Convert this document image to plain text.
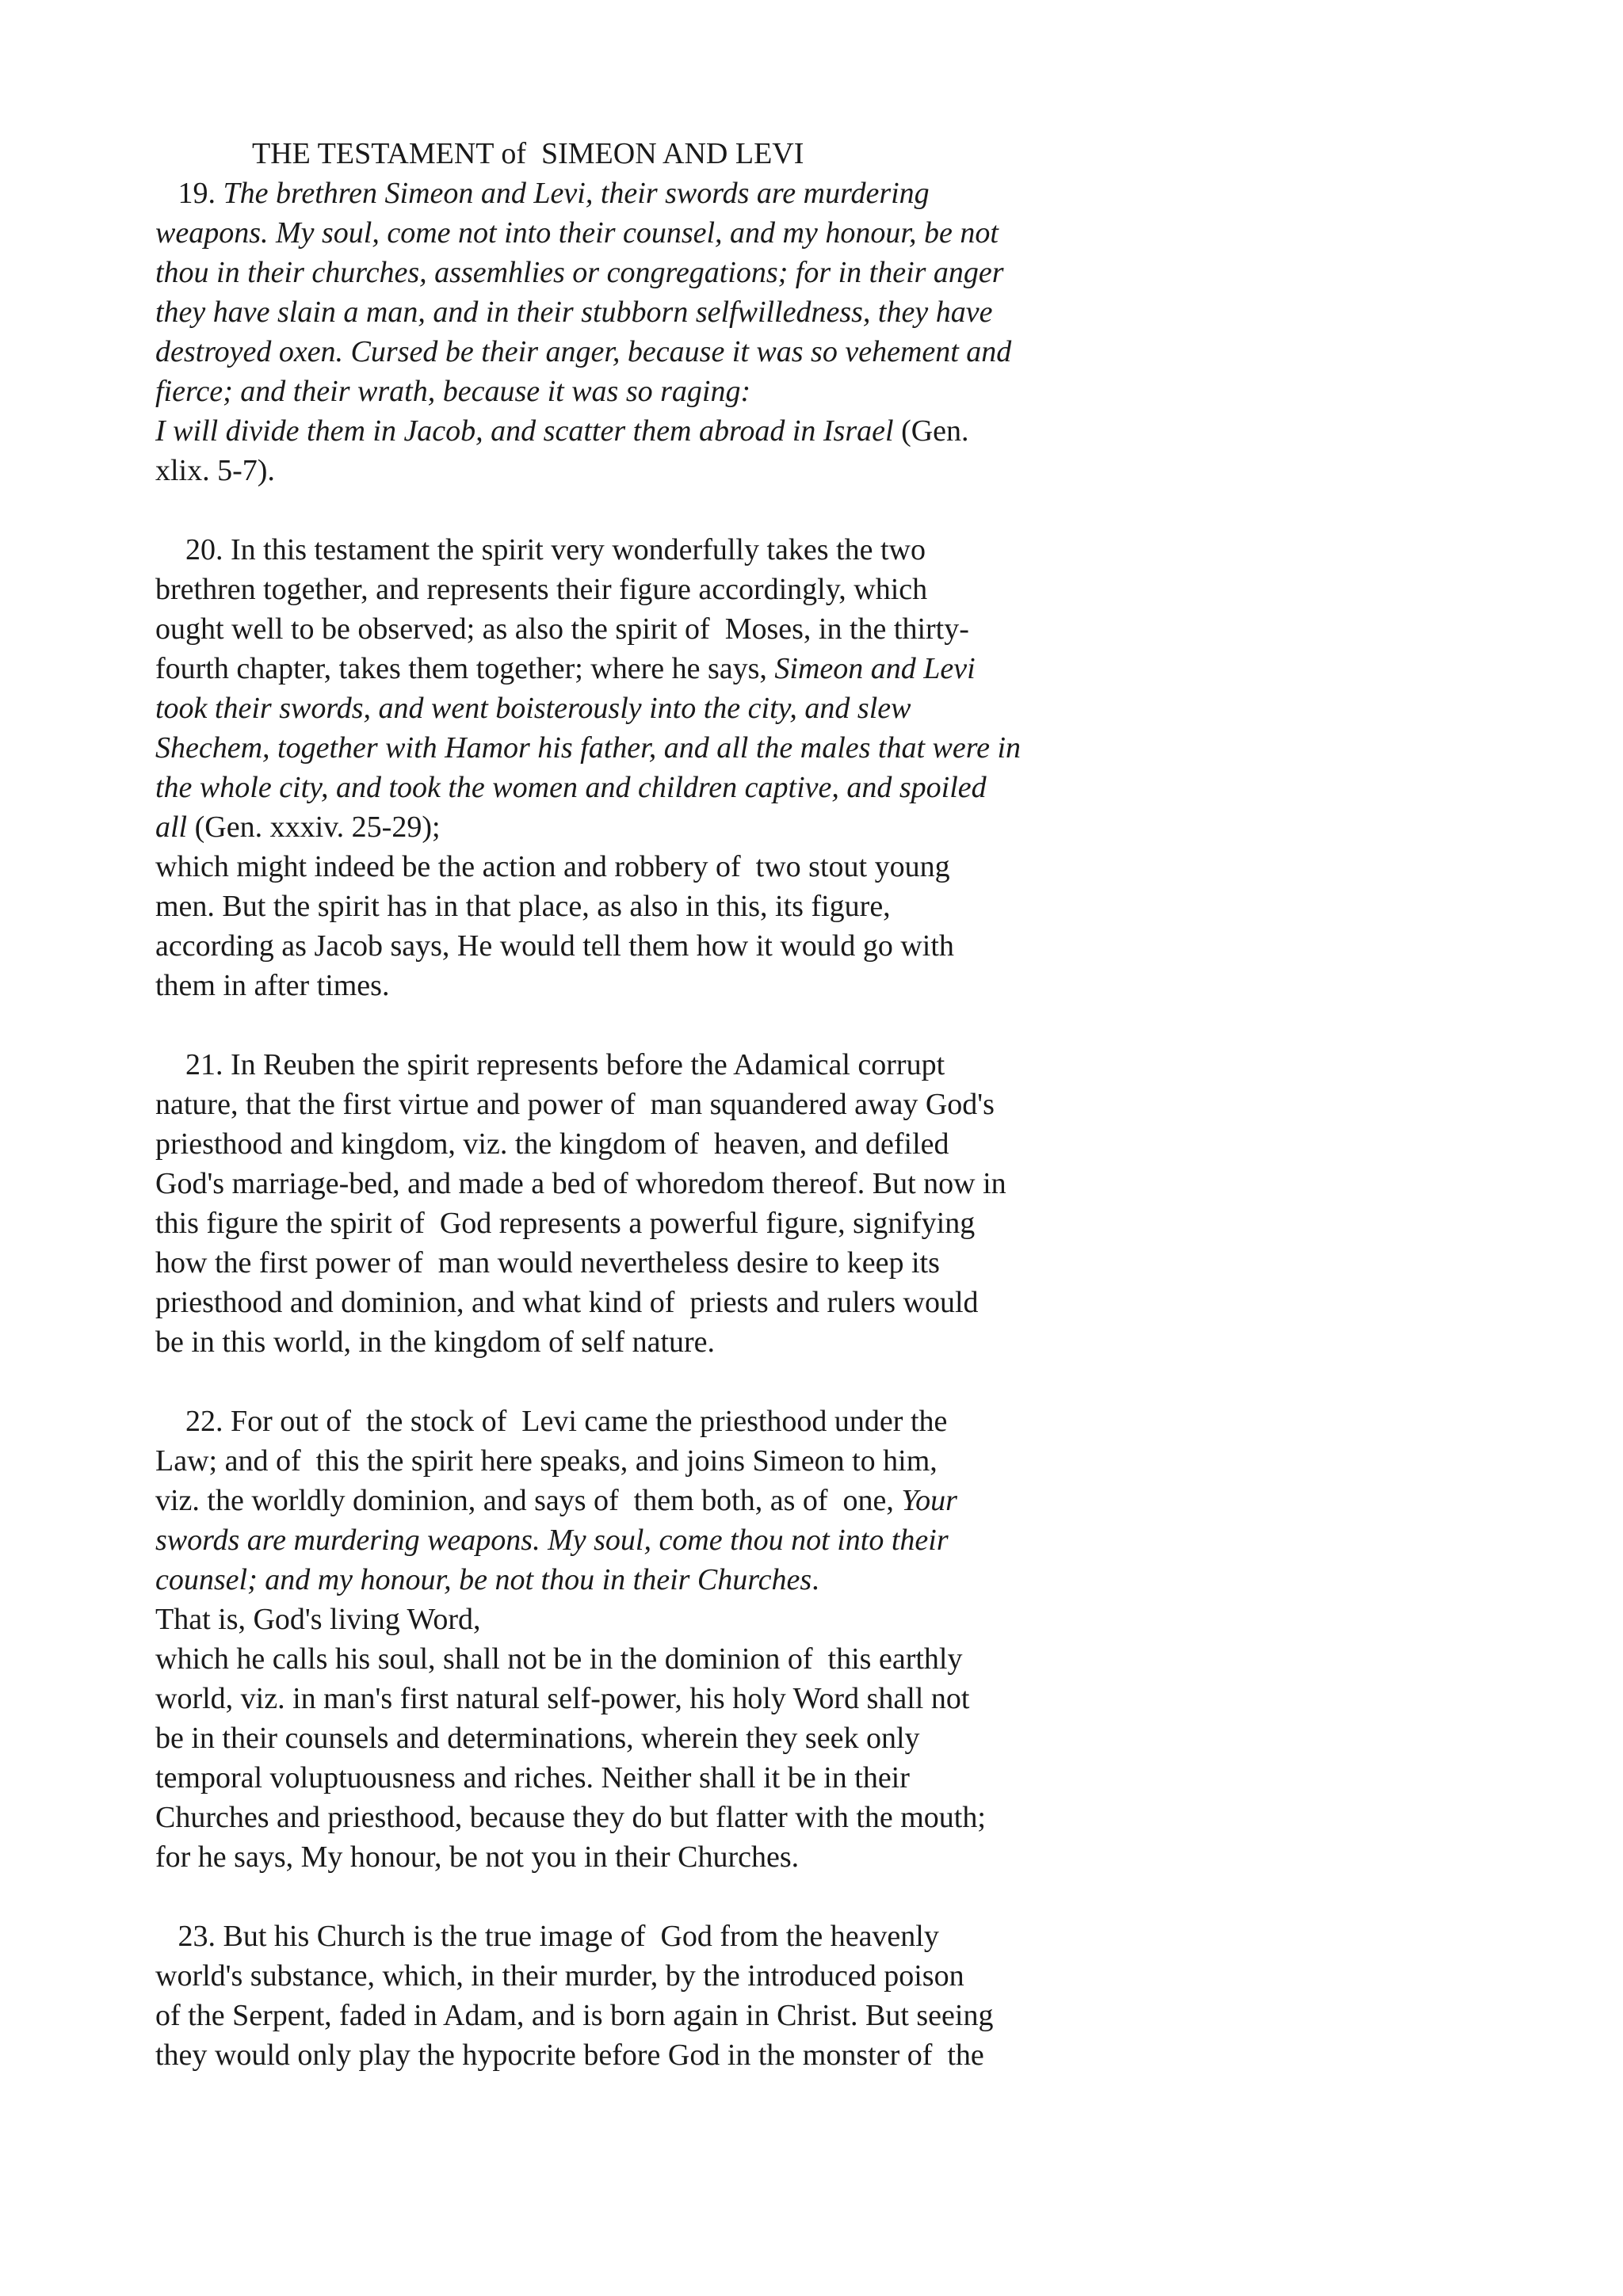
THE TESTAMENT of  SIMEON AND LEVI
19. The brethren Simeon and Levi, their swords are murdering
weapons. My soul, come not into their counsel, and my honour, be not
thou in their churches, assemhlies or congregations; for in their anger
they have slain a man, and in their stubborn selfwilledness, they have
destroyed oxen. Cursed be their anger, because it was so vehement and
fierce; and their wrath, because it was so raging:
I will divide them in Jacob, and scatter them abroad in Israel (Gen.
xlix. 5-7).
20. In this testament the spirit very wonderfully takes the two
brethren together, and represents their figure accordingly, which
ought well to be observed; as also the spirit of  Moses, in the thirty-
fourth chapter, takes them together; where he says, Simeon and Levi
took their swords, and went boisterously into the city, and slew
Shechem, together with Hamor his father, and all the males that were in
the whole city, and took the women and children captive, and spoiled
all (Gen. xxxiv. 25-29);
which might indeed be the action and robbery of  two stout young
men. But the spirit has in that place, as also in this, its figure,
according as Jacob says, He would tell them how it would go with
them in after times.
21. In Reuben the spirit represents before the Adamical corrupt
nature, that the first virtue and power of  man squandered away God's
priesthood and kingdom, viz. the kingdom of  heaven, and defiled
God's marriage-bed, and made a bed of whoredom thereof. But now in
this figure the spirit of  God represents a powerful figure, signifying
how the first power of  man would nevertheless desire to keep its
priesthood and dominion, and what kind of  priests and rulers would
be in this world, in the kingdom of self nature.
22. For out of  the stock of  Levi came the priesthood under the
Law; and of  this the spirit here speaks, and joins Simeon to him,
viz. the worldly dominion, and says of  them both, as of  one, Your
swords are murdering weapons. My soul, come thou not into their
counsel; and my honour, be not thou in their Churches.
That is, God's living Word,
which he calls his soul, shall not be in the dominion of  this earthly
world, viz. in man's first natural self-power, his holy Word shall not
be in their counsels and determinations, wherein they seek only
temporal voluptuousness and riches. Neither shall it be in their
Churches and priesthood, because they do but flatter with the mouth;
for he says, My honour, be not you in their Churches.
23. But his Church is the true image of  God from the heavenly
world's substance, which, in their murder, by the introduced poison
of the Serpent, faded in Adam, and is born again in Christ. But seeing
they would only play the hypocrite before God in the monster of  the
